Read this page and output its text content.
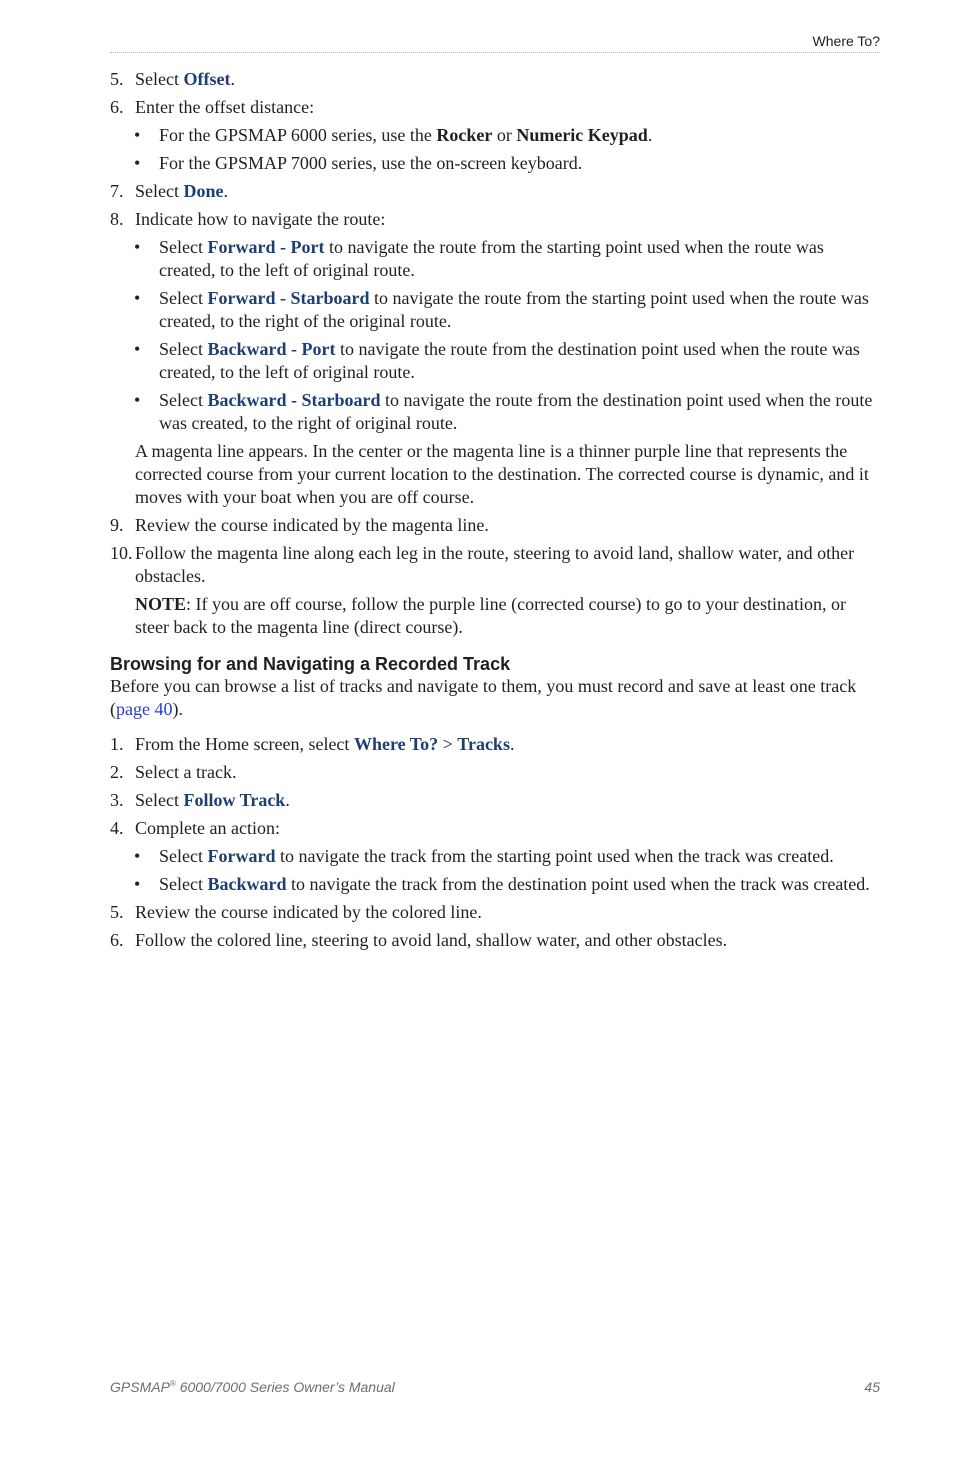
Where To?
5. Select Offset.
6. Enter the offset distance:
• For the GPSMAP 6000 series, use the Rocker or Numeric Keypad.
• For the GPSMAP 7000 series, use the on-screen keyboard.
7. Select Done.
8. Indicate how to navigate the route:
• Select Forward - Port to navigate the route from the starting point used when the route was created, to the left of original route.
• Select Forward - Starboard to navigate the route from the starting point used when the route was created, to the right of the original route.
• Select Backward - Port to navigate the route from the destination point used when the route was created, to the left of original route.
• Select Backward - Starboard to navigate the route from the destination point used when the route was created, to the right of original route.
A magenta line appears. In the center or the magenta line is a thinner purple line that represents the corrected course from your current location to the destination. The corrected course is dynamic, and it moves with your boat when you are off course.
9. Review the course indicated by the magenta line.
10. Follow the magenta line along each leg in the route, steering to avoid land, shallow water, and other obstacles.
NOTE: If you are off course, follow the purple line (corrected course) to go to your destination, or steer back to the magenta line (direct course).
Browsing for and Navigating a Recorded Track
Before you can browse a list of tracks and navigate to them, you must record and save at least one track (page 40).
1. From the Home screen, select Where To? > Tracks.
2. Select a track.
3. Select Follow Track.
4. Complete an action:
• Select Forward to navigate the track from the starting point used when the track was created.
• Select Backward to navigate the track from the destination point used when the track was created.
5. Review the course indicated by the colored line.
6. Follow the colored line, steering to avoid land, shallow water, and other obstacles.
GPSMAP® 6000/7000 Series Owner’s Manual	45
